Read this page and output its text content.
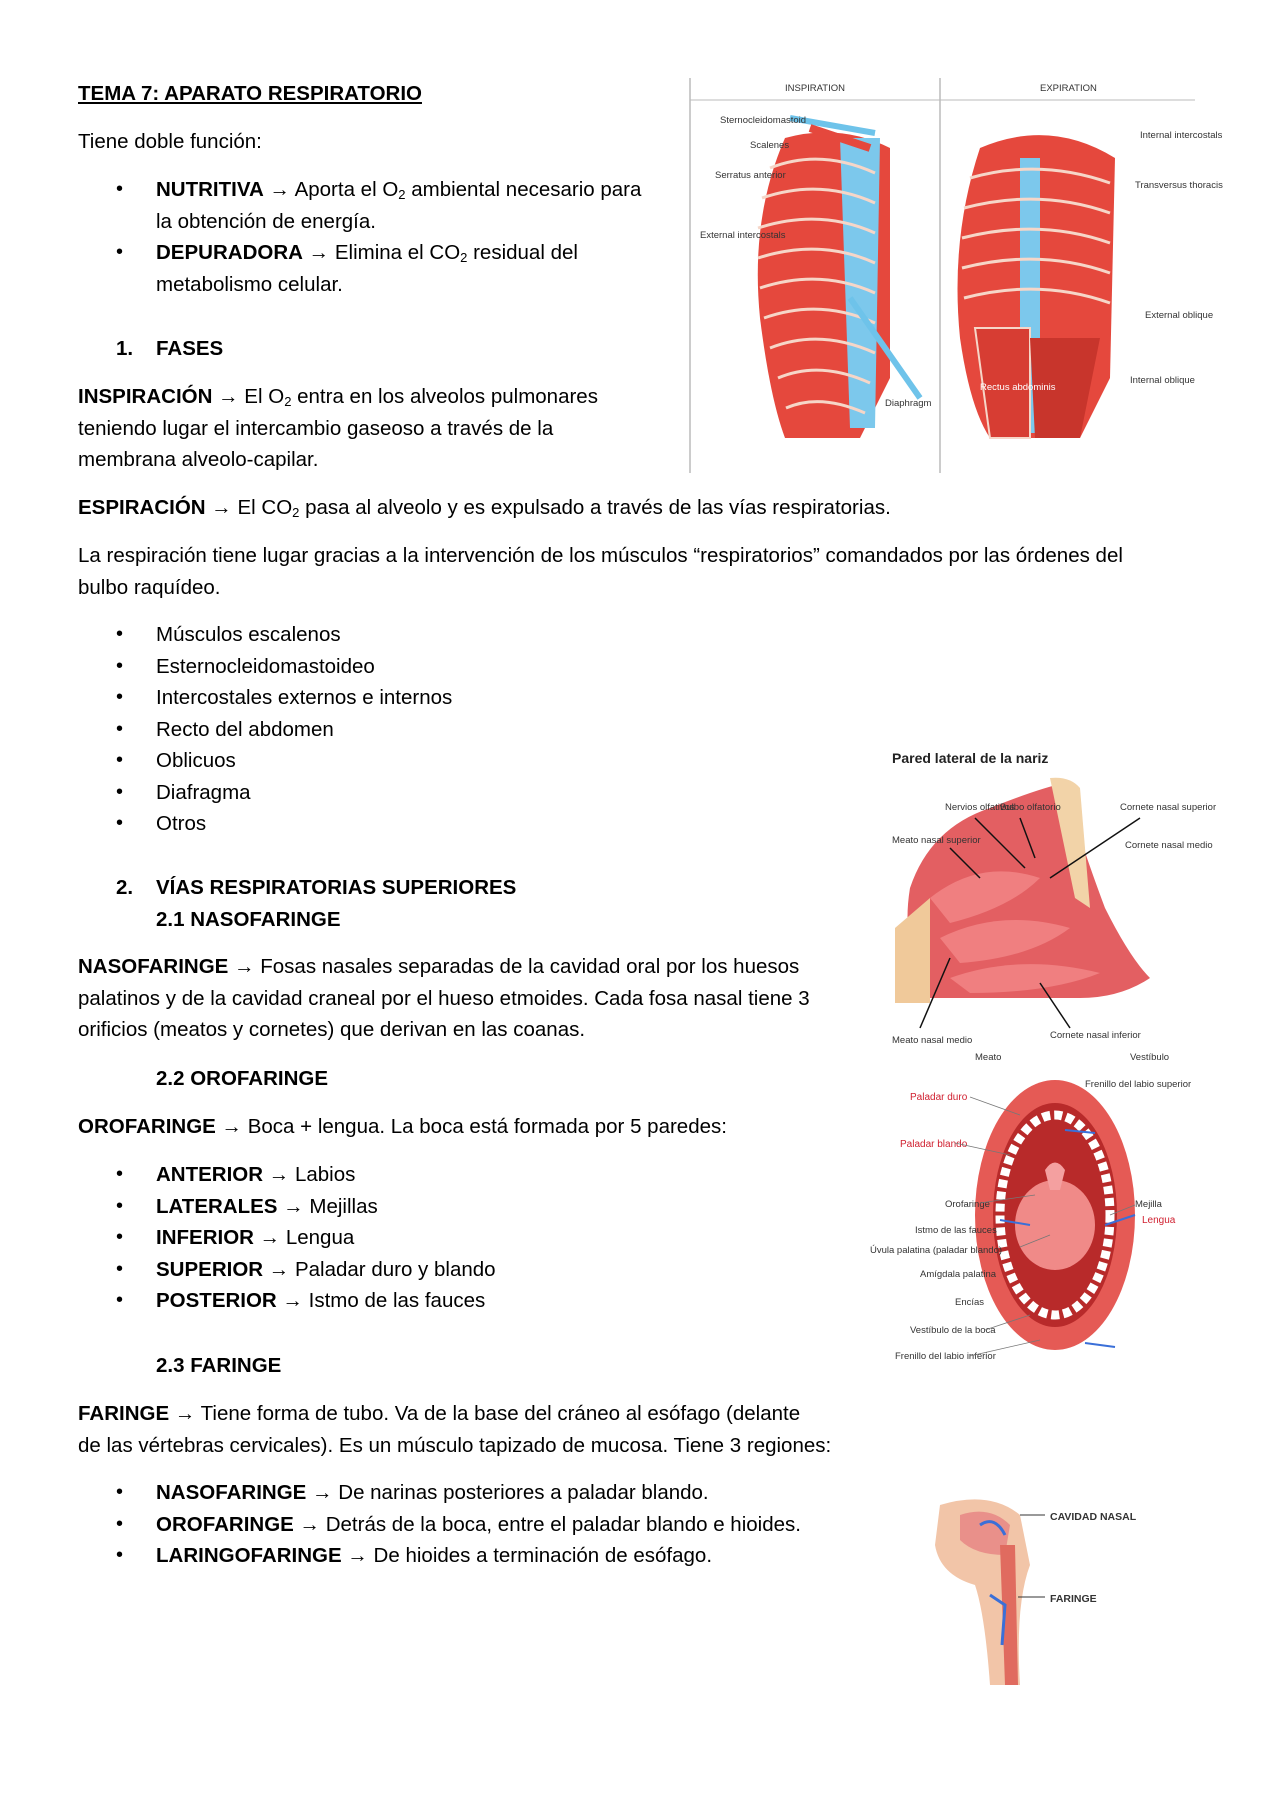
TEMA 7: APARATO RESPIRATORIO

Tiene doble función:

• NUTRITIVA → Aporta el $O_2$ ambiental necesario para
la obtención de energía.
• DEPURADORA → Elimina el $CO_2$ residual del
metabolismo celular.
1. FASES

INSPIRACIÓN → El $O_2$ entra en los alveolos pulmonares
teniendo lugar el intercambio gaseoso a través de la
membrana alveolo-capilar.

ESPIRACIÓN → El $CO_2$ pasa al alveolo y es expulsado a través de las vías respiratorias.

La respiración tiene lugar gracias a la intervención de los músculos “respiratorios” comandados por las órdenes del
bulbo raquídeo.

• Músculos escalenos
• Esternocleidomastoideo
• Intercostales externos e internos
• Recto del abdomen
• Oblicuos
• Diafragma
• Otros
2. VÍAS RESPIRATORIAS SUPERIORES
2.1 NASOFARINGE

NASOFARINGE → Fosas nasales separadas de la cavidad oral por los huesos
palatinos y de la cavidad craneal por el hueso etmoides. Cada fosa nasal tiene 3
orificios (meatos y cornetes) que derivan en las coanas.

2.2 OROFARINGE

OROFARINGE → Boca + lengua. La boca está formada por 5 paredes:

• ANTERIOR → Labios
• LATERALES → Mejillas
• INFERIOR → Lengua
• SUPERIOR → Paladar duro y blando
• POSTERIOR → Istmo de las fauces
2.3 FARINGE

FARINGE → Tiene forma de tubo. Va de la base del cráneo al esófago (delante
de las vértebras cervicales). Es un músculo tapizado de mucosa. Tiene 3 regiones:

• NASOFARINGE → De narinas posteriores a paladar blando.
• OROFARINGE → Detrás de la boca, entre el paladar blando e hioides.
• LARINGOFARINGE → De hioides a terminación de esófago.
INSPIRATION	EXPIRATION
Sternocleidomastoid
Scalenes
Serratus anterior
External intercostals
Diaphragm
Internal intercostals
Transversus thoracis
External oblique
Internal oblique
Rectus abdominis
Pared lateral de la nariz
Nervios olfativos
Bulbo olfatorio	Cornete nasal superior
Cornete nasal medio
Meato nasal superior
Meato nasal medio
Meato
Cornete nasal inferior
Vestíbulo
Frenillo del labio superior
Paladar duro
Paladar blando
Orofaringe
Istmo de las fauces
Úvula palatina (paladar blando)
Amígdala palatina
Encías
Vestíbulo de la boca
Frenillo del labio inferior
Mejilla
Lengua
CAVIDAD NASAL
FARINGE
